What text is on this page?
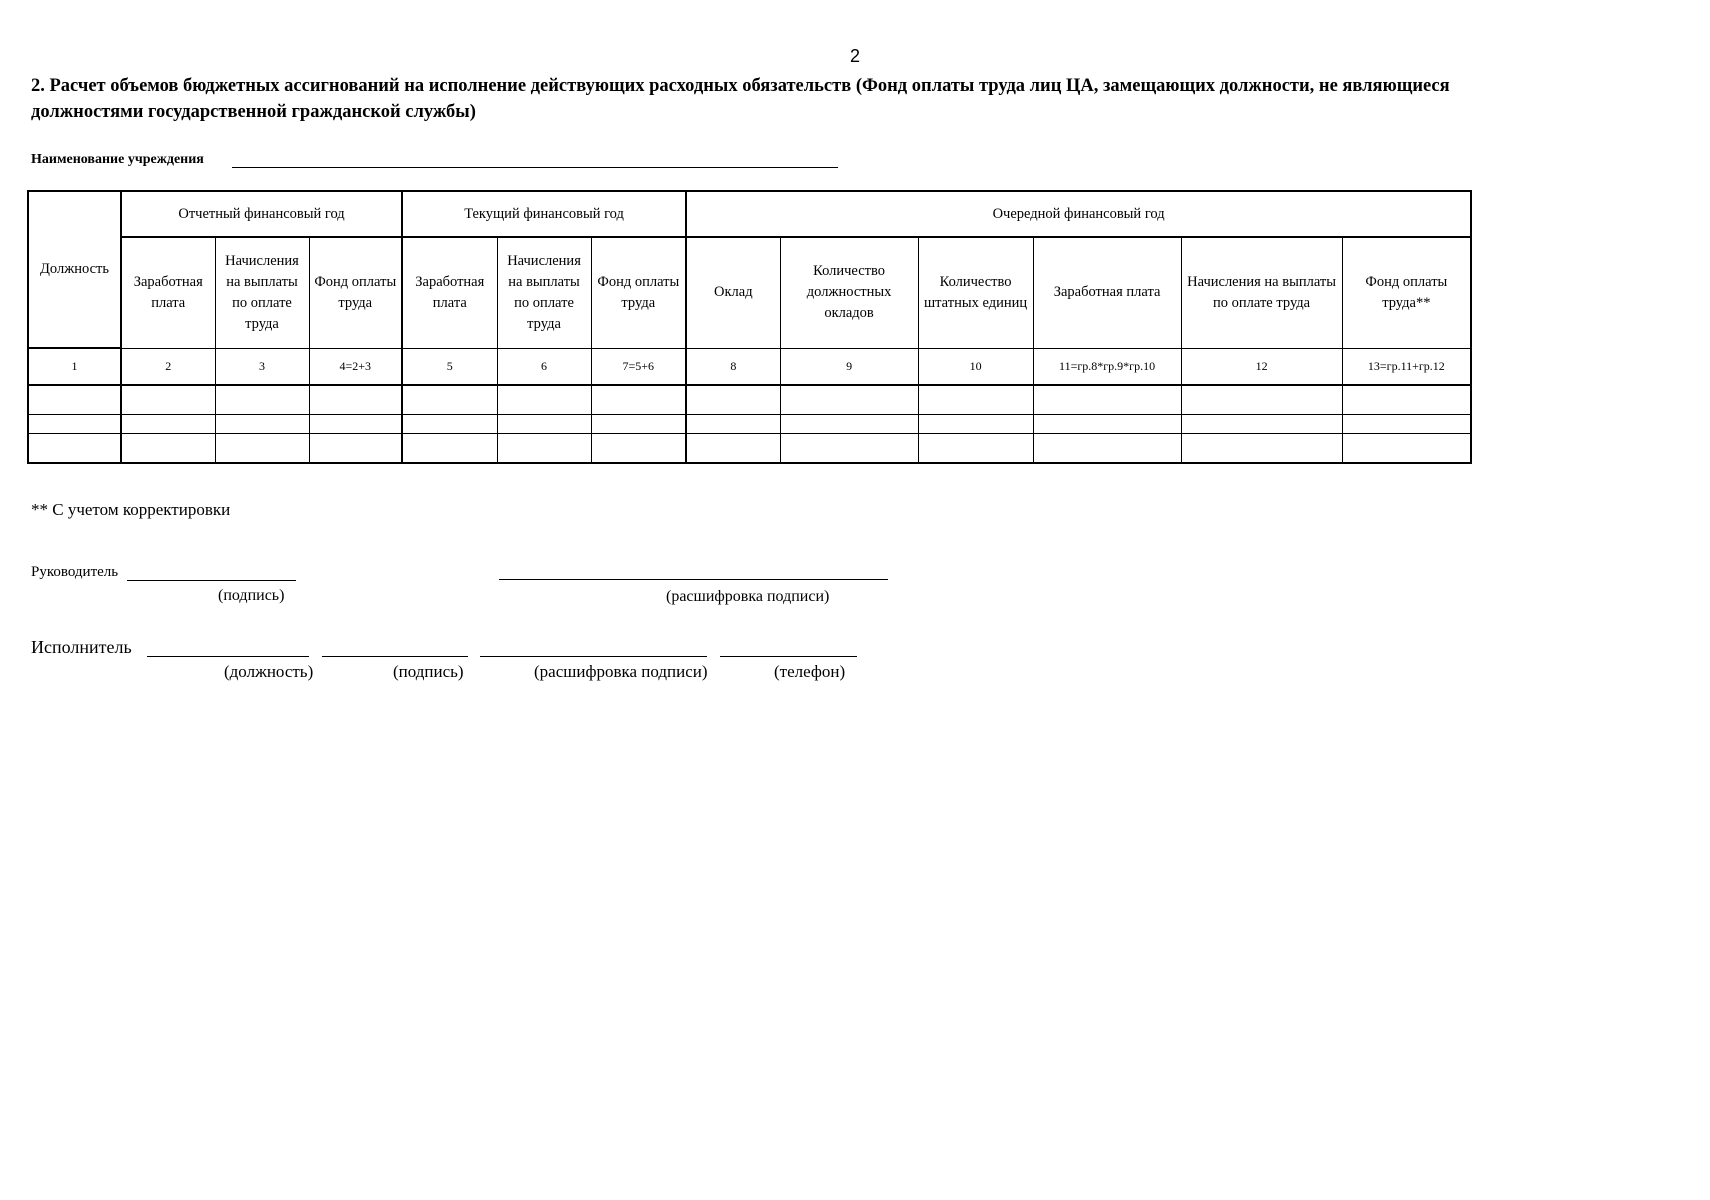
2
2. Расчет объемов бюджетных ассигнований на исполнение действующих расходных обязательств (Фонд оплаты труда лиц ЦА, замещающих должности, не являющиеся должностями государственной гражданской службы)
Наименование учреждения
Должность	Отчетный финансовый год			Текущий финансовый год			Очередной финансовый год					
	Заработная плата	Начисления на выплаты по оплате труда	Фонд оплаты труда	Заработная плата	Начисления на выплаты по оплате труда	Фонд оплаты труда	Оклад	Количество должностных окладов	Количество штатных единиц	Заработная плата	Начисления на выплаты по оплате труда	Фонд оплаты труда**
1	2	3	4=2+3	5	6	7=5+6	8	9	10	11=гр.8*гр.9*гр.10	12	13=гр.11+гр.12

** С учетом корректировки
Руководитель
(подпись)	(расшифровка подписи)
Исполнитель
(должность)	(подпись)	(расшифровка подписи)	(телефон)
